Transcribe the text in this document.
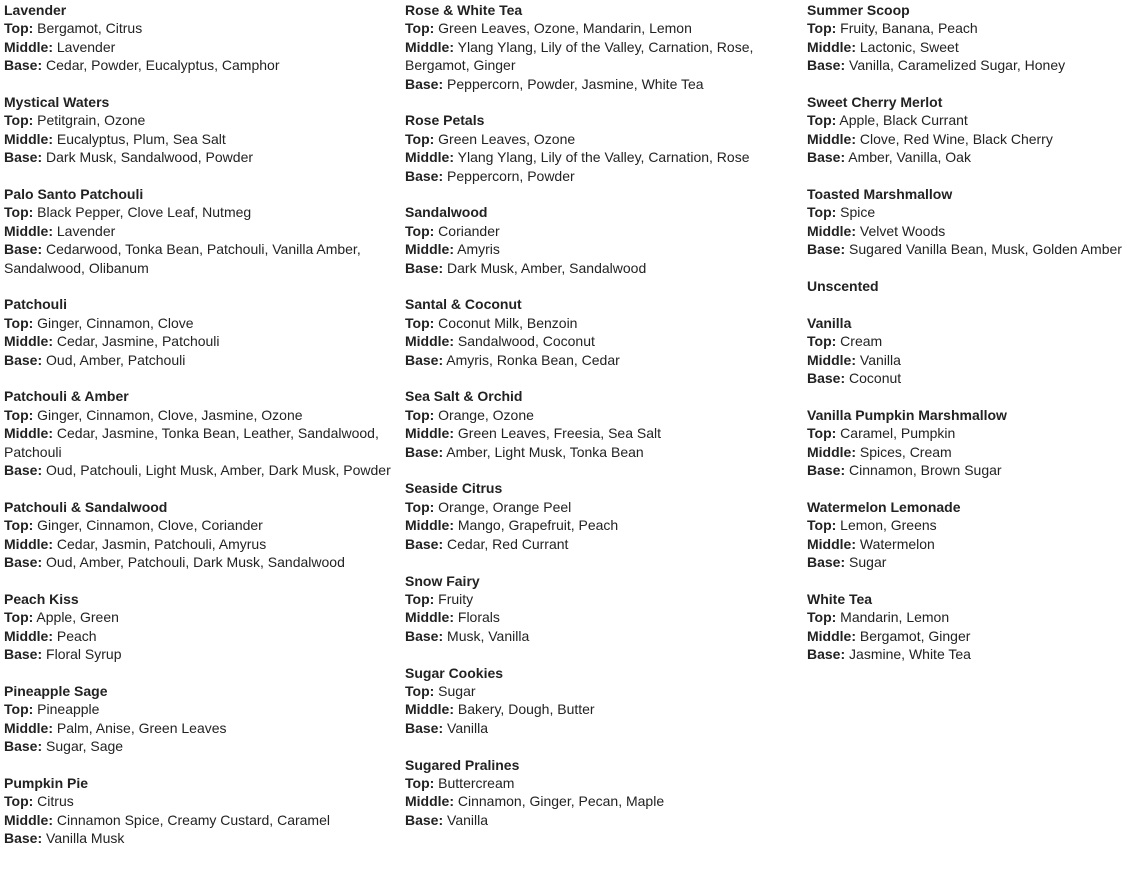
Lavender
Top: Bergamot, Citrus
Middle: Lavender
Base: Cedar, Powder, Eucalyptus, Camphor
Mystical Waters
Top: Petitgrain, Ozone
Middle: Eucalyptus, Plum, Sea Salt
Base: Dark Musk, Sandalwood, Powder
Palo Santo Patchouli
Top: Black Pepper, Clove Leaf, Nutmeg
Middle: Lavender
Base: Cedarwood, Tonka Bean, Patchouli, Vanilla Amber, Sandalwood, Olibanum
Patchouli
Top: Ginger, Cinnamon, Clove
Middle: Cedar, Jasmine, Patchouli
Base: Oud, Amber, Patchouli
Patchouli & Amber
Top: Ginger, Cinnamon, Clove, Jasmine, Ozone
Middle: Cedar, Jasmine, Tonka Bean, Leather, Sandalwood, Patchouli
Base: Oud, Patchouli, Light Musk, Amber, Dark Musk, Powder
Patchouli & Sandalwood
Top: Ginger, Cinnamon, Clove, Coriander
Middle: Cedar, Jasmin, Patchouli, Amyrus
Base: Oud, Amber, Patchouli, Dark Musk, Sandalwood
Peach Kiss
Top: Apple, Green
Middle: Peach
Base: Floral Syrup
Pineapple Sage
Top: Pineapple
Middle: Palm, Anise, Green Leaves
Base: Sugar, Sage
Pumpkin Pie
Top: Citrus
Middle: Cinnamon Spice, Creamy Custard, Caramel
Base: Vanilla Musk
Rose & White Tea
Top: Green Leaves, Ozone, Mandarin, Lemon
Middle: Ylang Ylang, Lily of the Valley, Carnation, Rose, Bergamot, Ginger
Base: Peppercorn, Powder, Jasmine, White Tea
Rose Petals
Top: Green Leaves, Ozone
Middle: Ylang Ylang, Lily of the Valley, Carnation, Rose
Base: Peppercorn, Powder
Sandalwood
Top: Coriander
Middle: Amyris
Base: Dark Musk, Amber, Sandalwood
Santal & Coconut
Top: Coconut Milk, Benzoin
Middle: Sandalwood, Coconut
Base: Amyris, Ronka Bean, Cedar
Sea Salt & Orchid
Top: Orange, Ozone
Middle: Green Leaves, Freesia, Sea Salt
Base: Amber, Light Musk, Tonka Bean
Seaside Citrus
Top: Orange, Orange Peel
Middle: Mango, Grapefruit, Peach
Base: Cedar, Red Currant
Snow Fairy
Top: Fruity
Middle: Florals
Base: Musk, Vanilla
Sugar Cookies
Top: Sugar
Middle: Bakery, Dough, Butter
Base: Vanilla
Sugared Pralines
Top: Buttercream
Middle: Cinnamon, Ginger, Pecan, Maple
Base: Vanilla
Summer Scoop
Top: Fruity, Banana, Peach
Middle: Lactonic, Sweet
Base: Vanilla, Caramelized Sugar, Honey
Sweet Cherry Merlot
Top: Apple, Black Currant
Middle: Clove, Red Wine, Black Cherry
Base: Amber, Vanilla, Oak
Toasted Marshmallow
Top: Spice
Middle: Velvet Woods
Base: Sugared Vanilla Bean, Musk, Golden Amber
Unscented
Vanilla
Top: Cream
Middle: Vanilla
Base: Coconut
Vanilla Pumpkin Marshmallow
Top: Caramel, Pumpkin
Middle: Spices, Cream
Base: Cinnamon, Brown Sugar
Watermelon Lemonade
Top: Lemon, Greens
Middle: Watermelon
Base: Sugar
White Tea
Top: Mandarin, Lemon
Middle: Bergamot, Ginger
Base: Jasmine, White Tea
